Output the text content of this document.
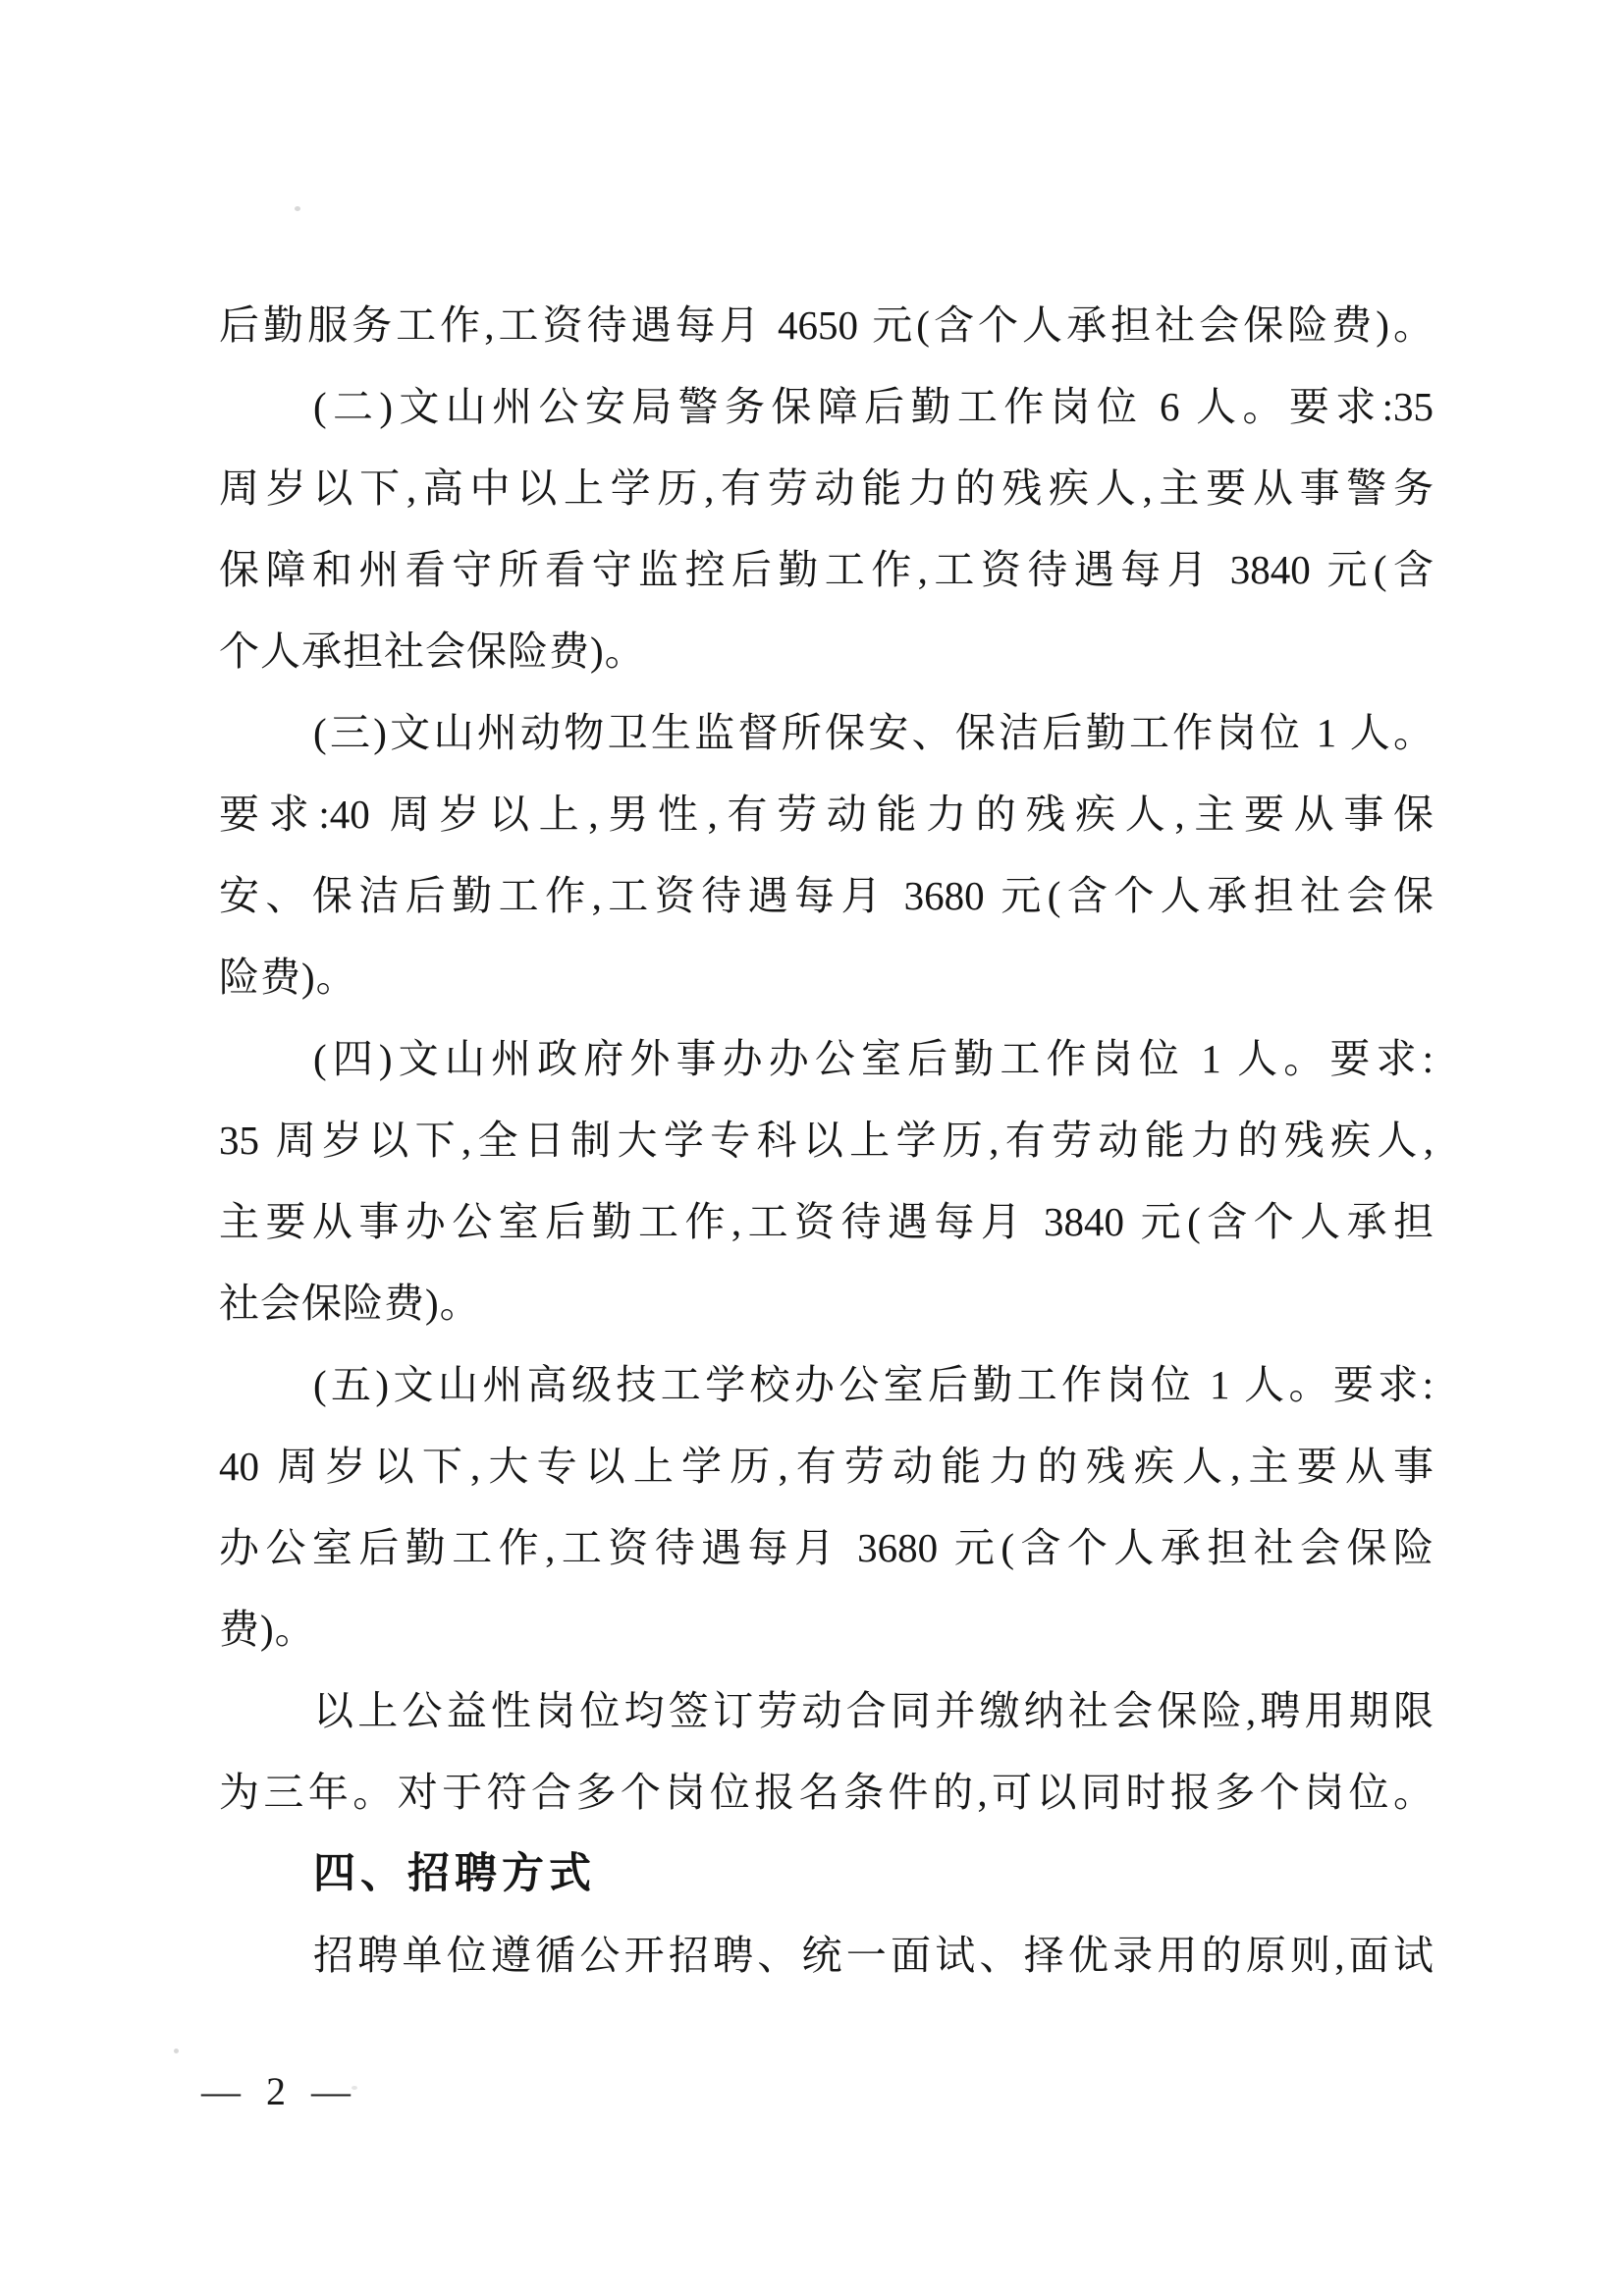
后勤服务工作,工资待遇每月 4650 元(含个人承担社会保险费)。
(二)文山州公安局警务保障后勤工作岗位 6 人。要求:35
周岁以下,高中以上学历,有劳动能力的残疾人,主要从事警务
保障和州看守所看守监控后勤工作,工资待遇每月 3840 元(含
个人承担社会保险费)。
(三)文山州动物卫生监督所保安、保洁后勤工作岗位 1 人。
要求:40 周岁以上,男性,有劳动能力的残疾人,主要从事保
安、保洁后勤工作,工资待遇每月 3680 元(含个人承担社会保
险费)。
(四)文山州政府外事办办公室后勤工作岗位 1 人。要求:
35 周岁以下,全日制大学专科以上学历,有劳动能力的残疾人,
主要从事办公室后勤工作,工资待遇每月 3840 元(含个人承担
社会保险费)。
(五)文山州高级技工学校办公室后勤工作岗位 1 人。要求:
40 周岁以下,大专以上学历,有劳动能力的残疾人,主要从事
办公室后勤工作,工资待遇每月 3680 元(含个人承担社会保险
费)。
以上公益性岗位均签订劳动合同并缴纳社会保险,聘用期限
为三年。对于符合多个岗位报名条件的,可以同时报多个岗位。
四、招聘方式
招聘单位遵循公开招聘、统一面试、择优录用的原则,面试
— 2 —
